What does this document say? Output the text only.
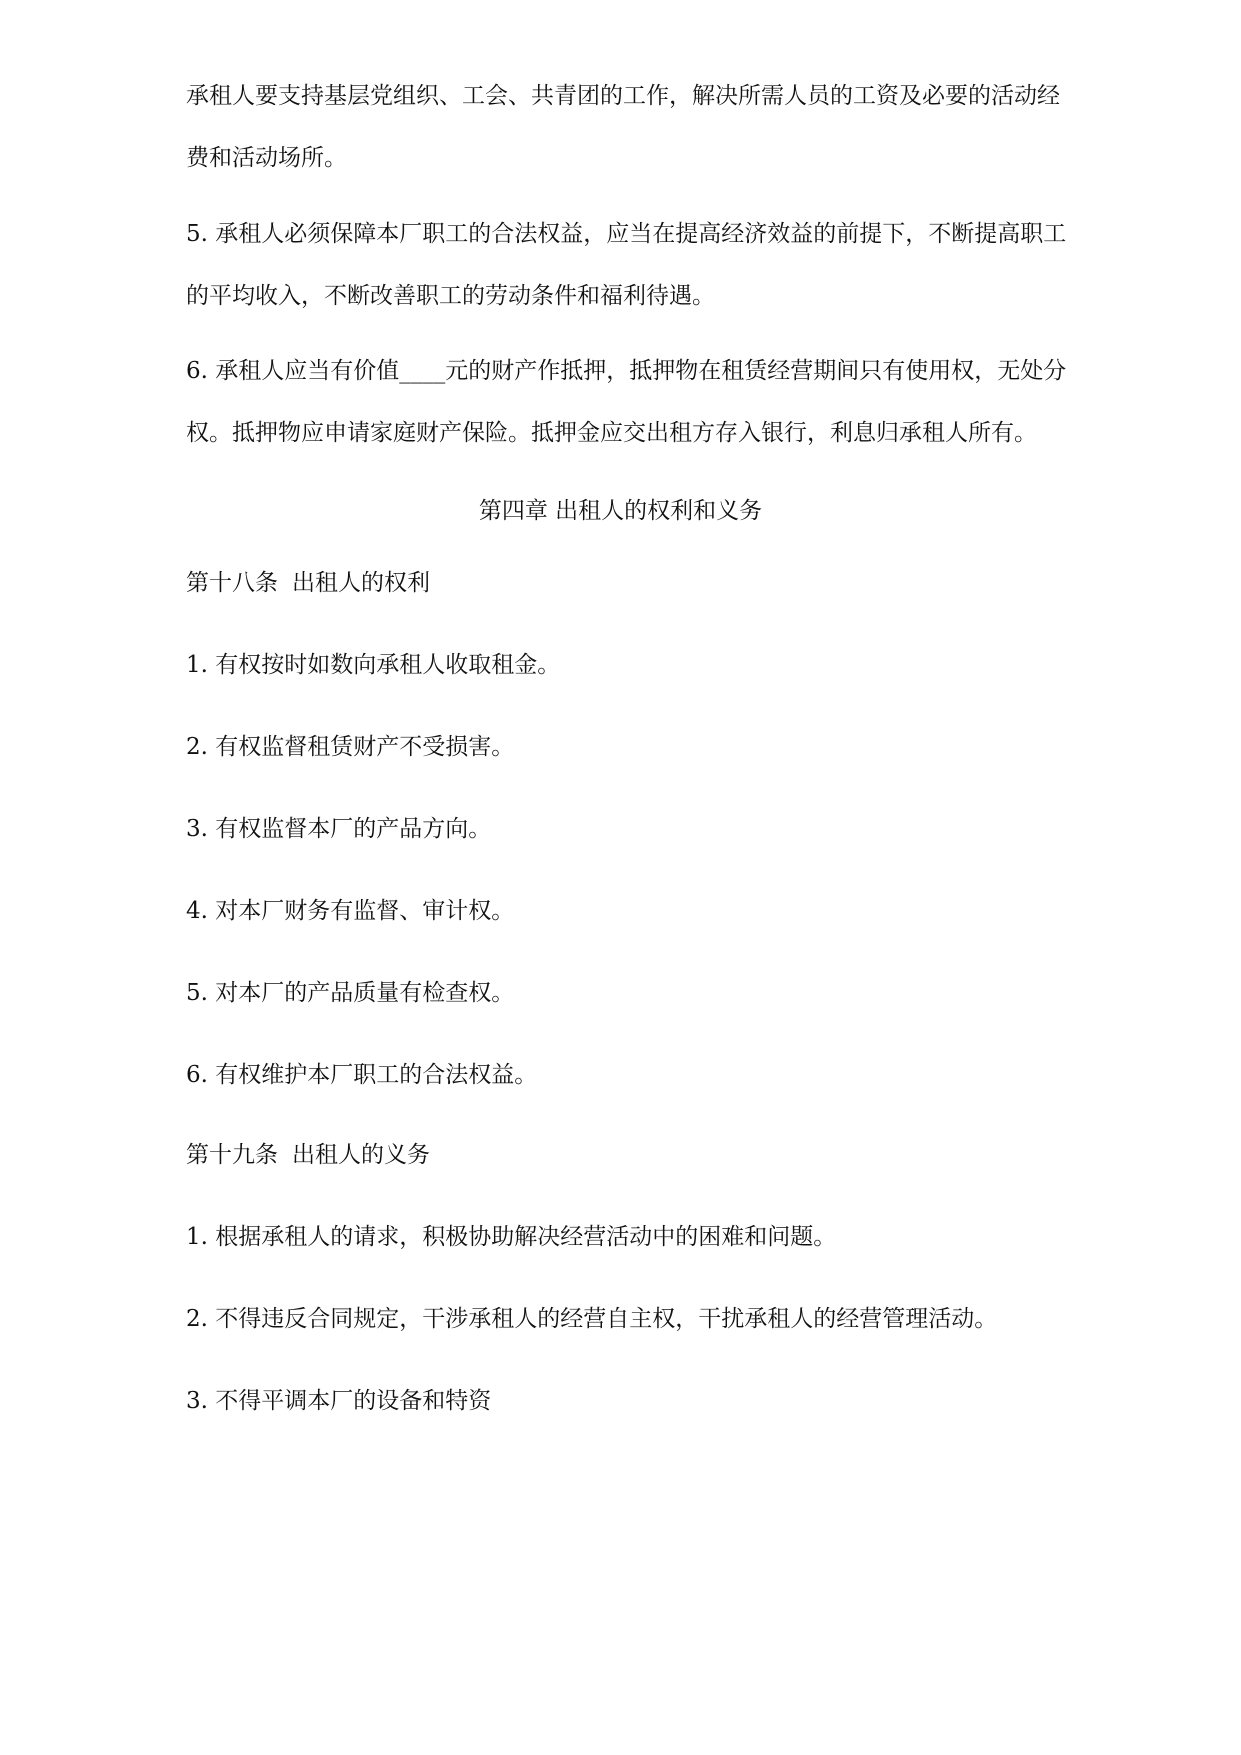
承租人要支持基层党组织、工会、共青团的工作，解决所需人员的工资及必要的活动经
费和活动场所。
5. 承租人必须保障本厂职工的合法权益，应当在提高经济效益的前提下，不断提高职工
的平均收入，不断改善职工的劳动条件和福利待遇。
6. 承租人应当有价值____元的财产作抵押，抵押物在租赁经营期间只有使用权，无处分
权。抵押物应申请家庭财产保险。抵押金应交出租方存入银行，利息归承租人所有。
第四章 出租人的权利和义务
第十八条 出租人的权利
1. 有权按时如数向承租人收取租金。
2. 有权监督租赁财产不受损害。
3. 有权监督本厂的产品方向。
4. 对本厂财务有监督、审计权。
5. 对本厂的产品质量有检查权。
6. 有权维护本厂职工的合法权益。
第十九条 出租人的义务
1. 根据承租人的请求，积极协助解决经营活动中的困难和问题。
2. 不得违反合同规定，干涉承租人的经营自主权，干扰承租人的经营管理活动。
3. 不得平调本厂的设备和特资
